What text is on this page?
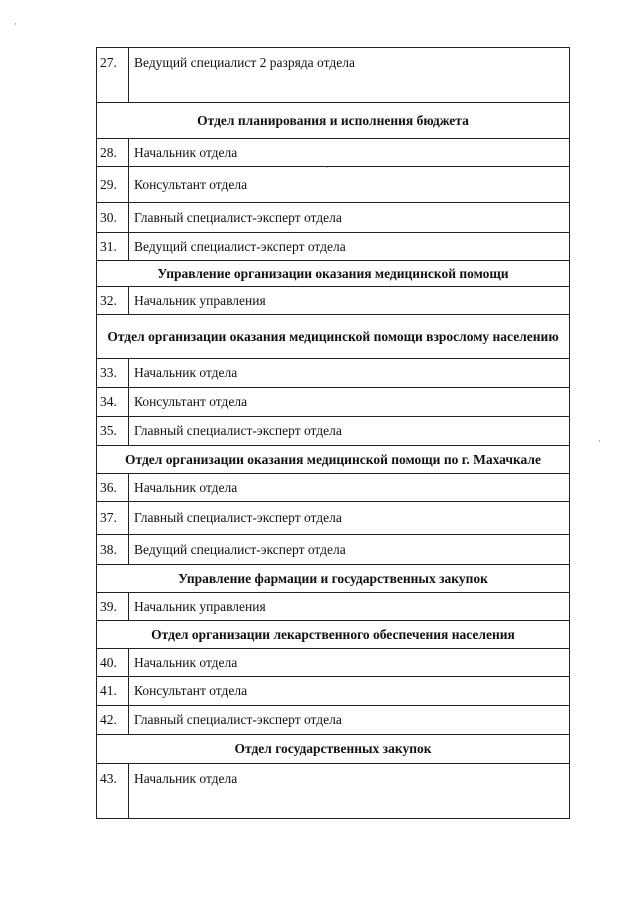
27.	Ведущий специалист 2 разряда отдела
Отдел планирования и исполнения бюджета	
28.	Начальник отдела
29.	Консультант отдела
30.	Главный специалист-эксперт отдела
31.	Ведущий специалист-эксперт отдела
Управление организации оказания медицинской помощи	
32.	Начальник управления
Отдел организации оказания медицинской помощи взрослому населению	
33.	Начальник отдела
34.	Консультант отдела
35.	Главный специалист-эксперт отдела
Отдел организации оказания медицинской помощи по г. Махачкале	
36.	Начальник отдела
37.	Главный специалист-эксперт отдела
38.	Ведущий специалист-эксперт отдела
Управление фармации и государственных закупок	
39.	Начальник управления
Отдел организации лекарственного обеспечения населения	
40.	Начальник отдела
41.	Консультант отдела
42.	Главный специалист-эксперт отдела
Отдел государственных закупок	
43.	Начальник отдела
·
·
·
